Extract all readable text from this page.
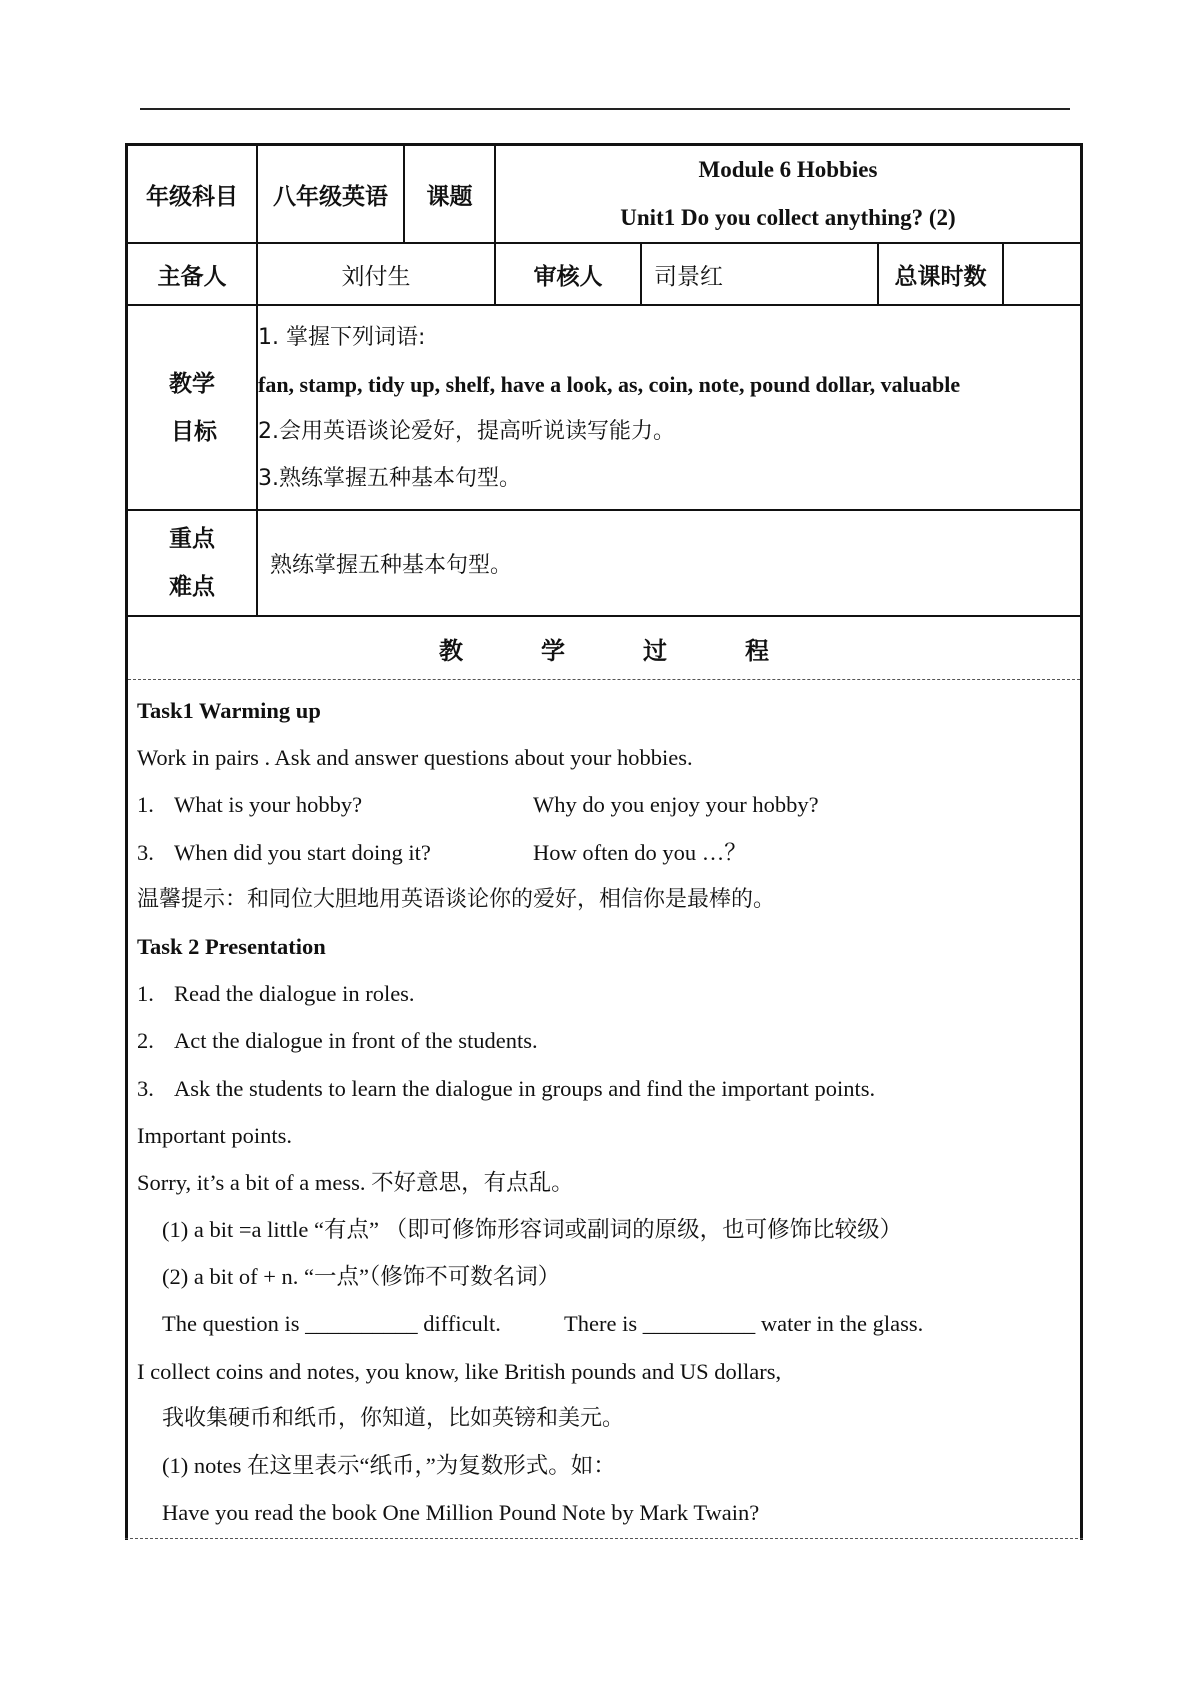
年级科目	八年级英语	课题
Module 6 Hobbies
Unit1 Do you collect anything? (2)
主备人	刘付生	审核人	司景红	总课时数
教学
目标
1. 掌握下列词语:
fan, stamp, tidy up, shelf, have a look, as, coin, note, pound dollar, valuable
2.会用英语谈论爱好，提高听说读写能力。
3.熟练掌握五种基本句型。
重点
难点
熟练掌握五种基本句型。
教	学	过	程
Task1 Warming up
Work in pairs . Ask and answer questions about your hobbies.
1. What is your hobby?	Why do you enjoy your hobby?
3. When did you start doing it?	How often do you …？
温馨提示：和同位大胆地用英语谈论你的爱好，相信你是最棒的。
Task 2 Presentation
1. Read the dialogue in roles.
2. Act the dialogue in front of the students.
3. Ask the students to learn the dialogue in groups and find the important points.
Important points.
Sorry, it’s a bit of a mess. 不好意思，有点乱。
(1) a bit =a little “有点” （即可修饰形容词或副词的原级，也可修饰比较级）
(2) a bit of + n. “一点”（修饰不可数名词）
The question is __________ difficult.	There is __________ water in the glass.
I collect coins and notes, you know, like British pounds and US dollars,
我收集硬币和纸币，你知道，比如英镑和美元。
(1) notes 在这里表示“纸币，”为复数形式。如：
Have you read the book One Million Pound Note by Mark Twain?
